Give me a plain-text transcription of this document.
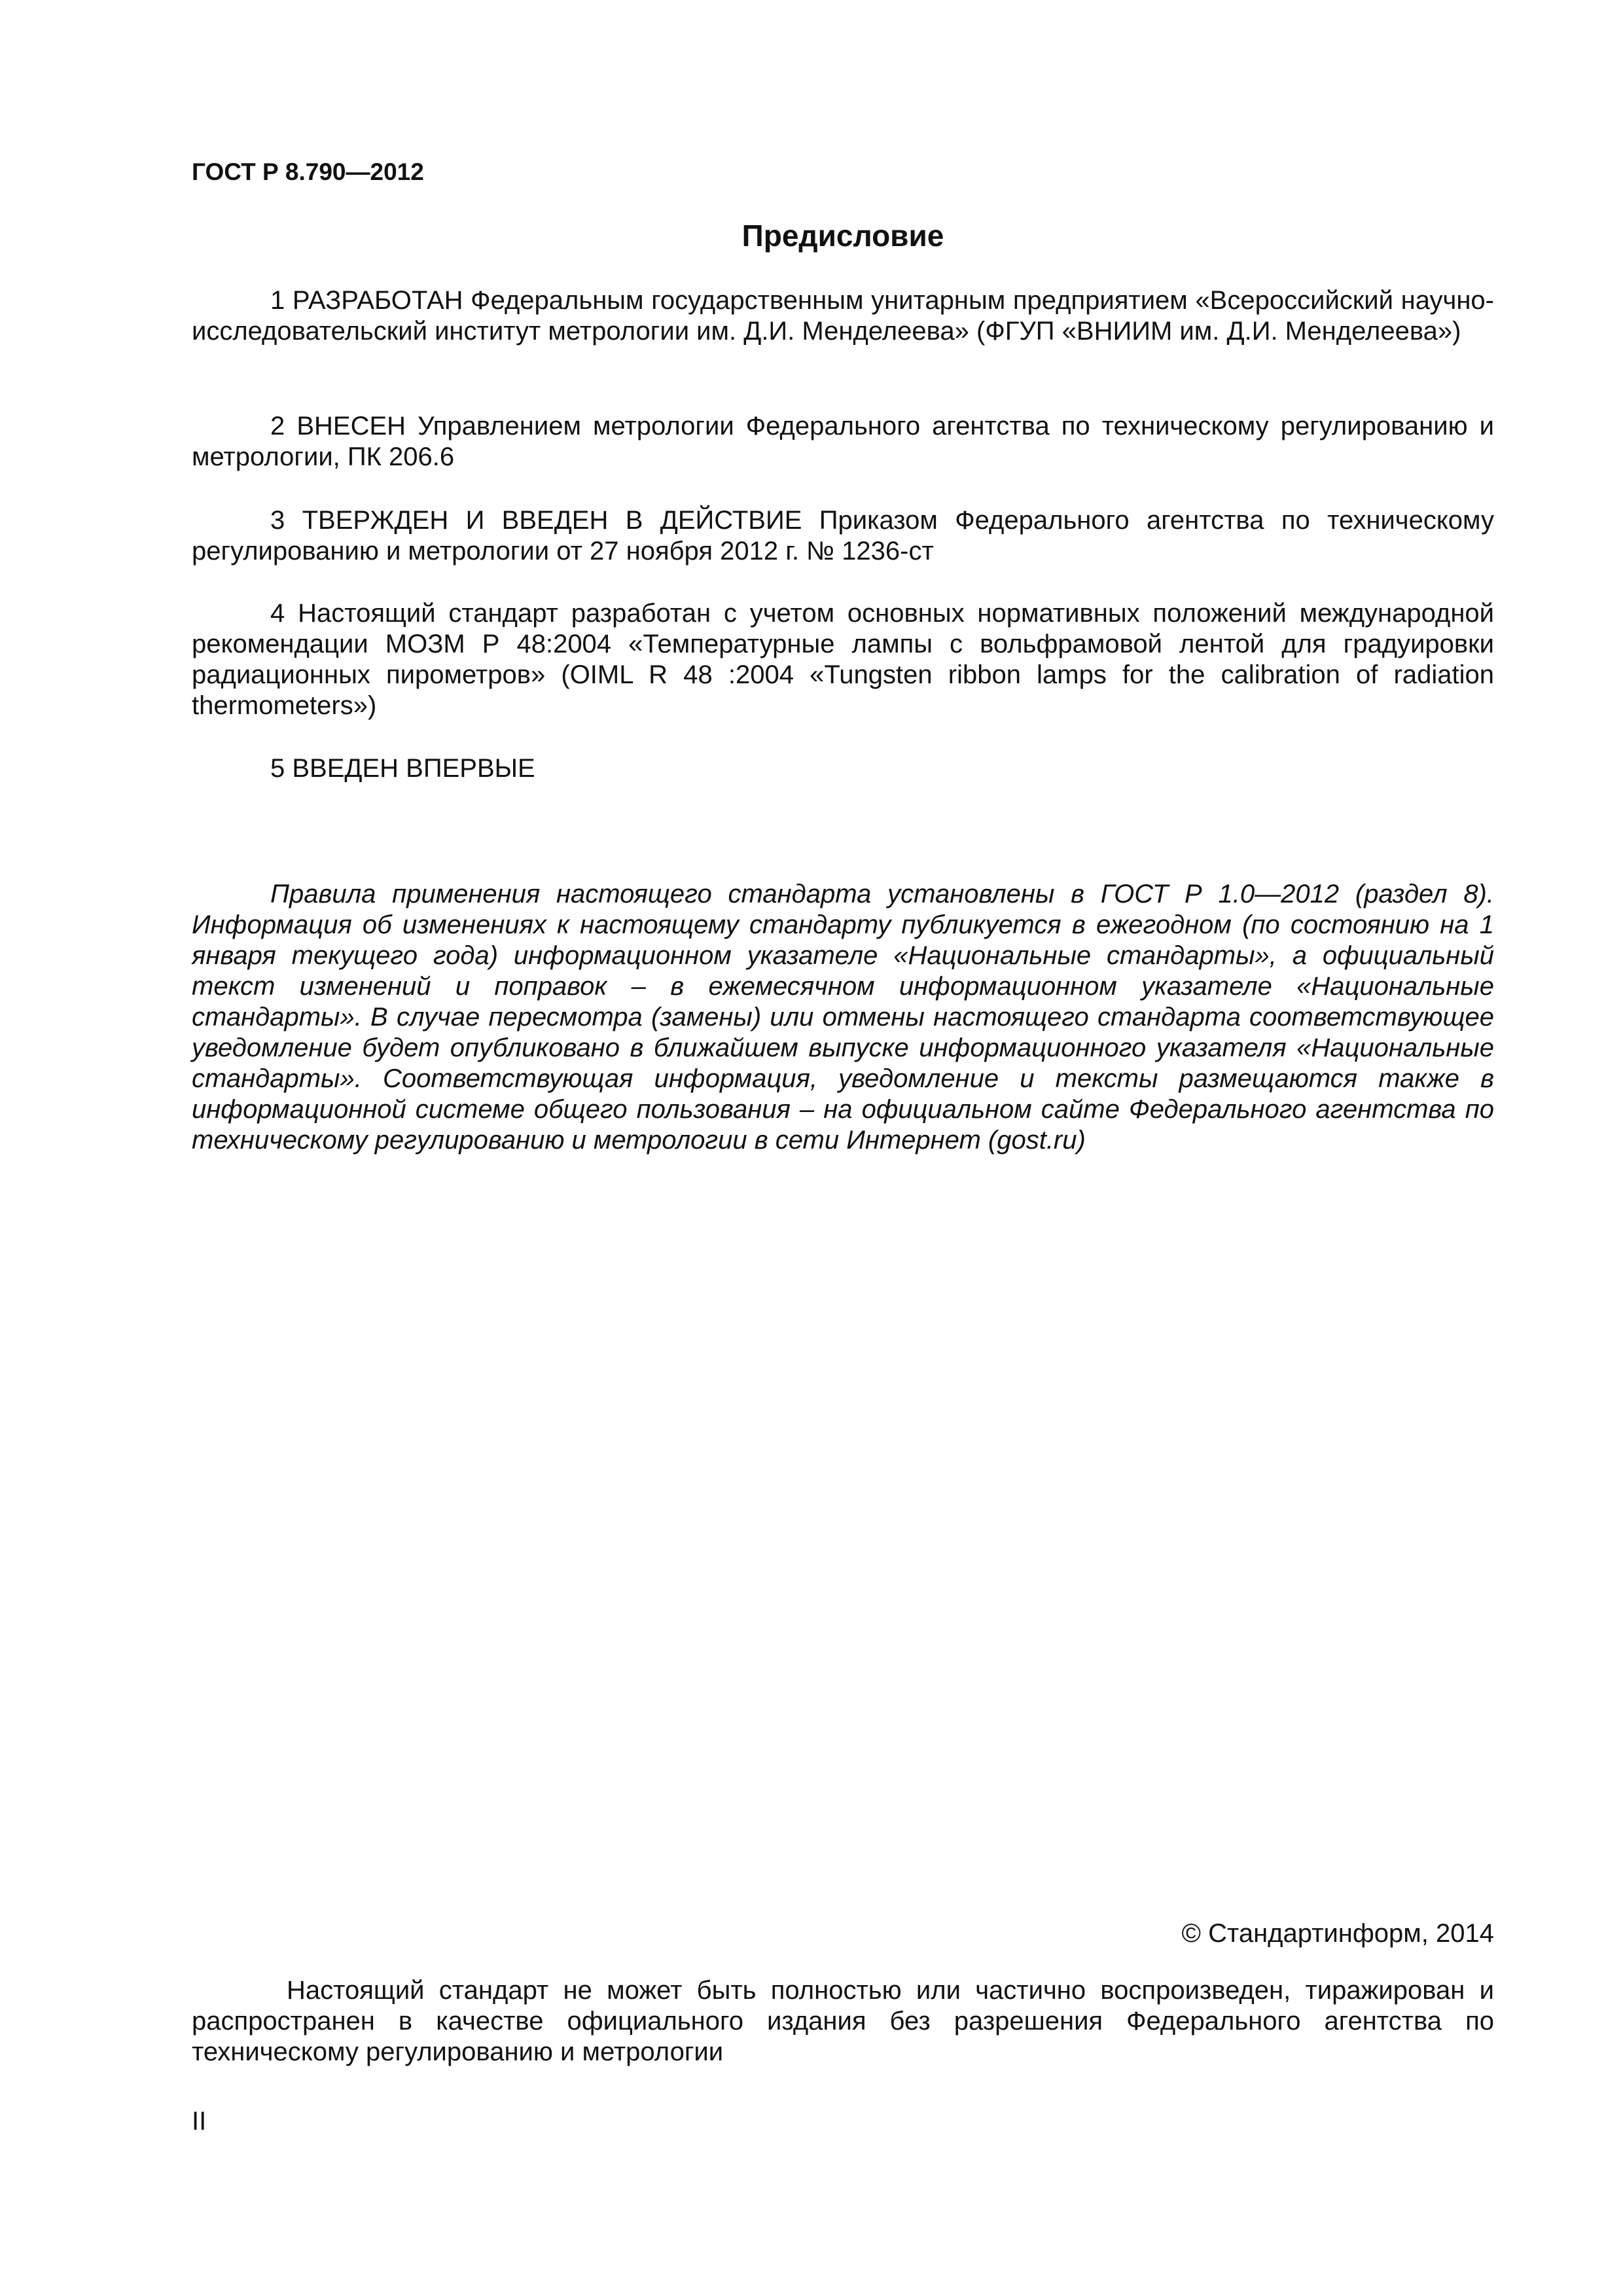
ГОСТ Р 8.790—2012

Предисловие

1 РАЗРАБОТАН Федеральным государственным унитарным предприятием «Всероссийский научно-исследовательский институт метрологии им. Д.И. Менделеева» (ФГУП «ВНИИМ им. Д.И. Менделеева»)

2 ВНЕСЕН Управлением метрологии Федерального агентства по техническому регулированию и метрологии, ПК 206.6

3 ТВЕРЖДЕН И ВВЕДЕН В ДЕЙСТВИЕ Приказом Федерального агентства по техническому регулированию и метрологии от 27 ноября 2012 г. № 1236-ст

4 Настоящий стандарт разработан с учетом основных нормативных положений международной рекомендации МОЗМ Р 48:2004 «Температурные лампы с вольфрамовой лентой для градуировки радиационных пирометров» (OIML R 48 :2004 «Tungsten ribbon lamps for the calibration of radiation thermometers»)

5 ВВЕДЕН ВПЕРВЫЕ

Правила применения настоящего стандарта установлены в ГОСТ Р 1.0—2012 (раздел 8). Информация об изменениях к настоящему стандарту публикуется в ежегодном (по состоянию на 1 января текущего года) информационном указателе «Национальные стандарты», а официальный текст изменений и поправок – в ежемесячном информационном указателе «Национальные стандарты». В случае пересмотра (замены) или отмены настоящего стандарта соответствующее уведомление будет опубликовано в ближайшем выпуске информационного указателя «Национальные стандарты». Соответствующая информация, уведомление и тексты размещаются также в информационной системе общего пользования – на официальном сайте Федерального агентства по техническому регулированию и метрологии в сети Интернет (gost.ru)

© Стандартинформ, 2014

Настоящий стандарт не может быть полностью или частично воспроизведен, тиражирован и распространен в качестве официального издания без разрешения Федерального агентства по техническому регулированию и метрологии

II
